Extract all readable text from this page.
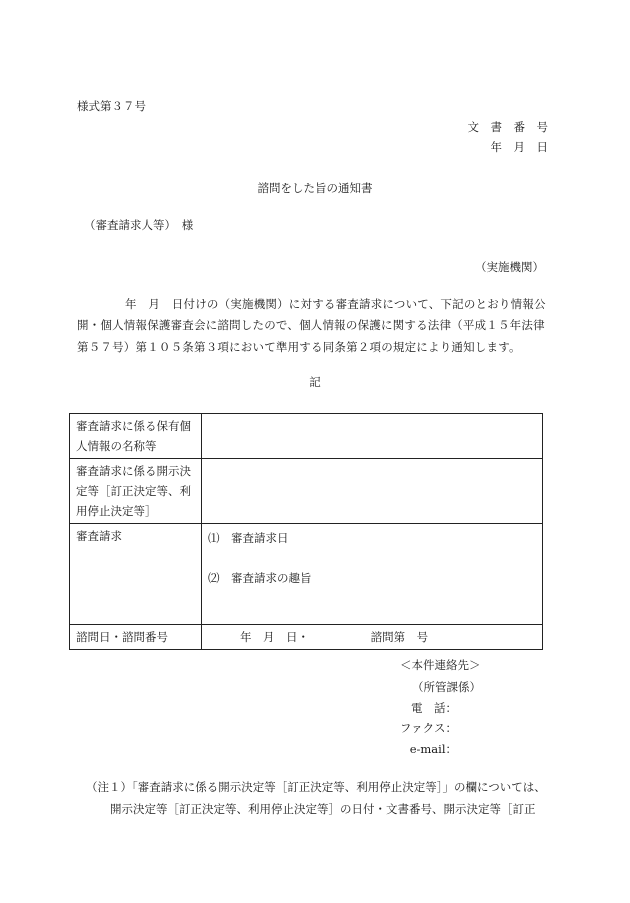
様式第３７号
文　書　番　号
年　月　日
諮問をした旨の通知書
（審査請求人等）　様
（実施機関）
年　月　日付けの（実施機関）に対する審査請求について、下記のとおり情報公
開・個人情報保護審査会に諮問したので、個人情報の保護に関する法律（平成１５年法律
第５７号）第１０５条第３項において準用する同条第２項の規定により通知します。
記
審査請求に係る保有個
人情報の名称等	

審査請求に係る開示決
定等［訂正決定等、利
用停止決定等］	

審査請求	⑴　審査請求日
⑵　審査請求の趣旨

諮問日・諮問番号	年　月　日・ 諮問第　号
＜本件連絡先＞
（所管課係）
電　話：
ファクス：
e-mail：
（注１）「審査請求に係る開示決定等［訂正決定等、利用停止決定等］」の欄については、
開示決定等［訂正決定等、利用停止決定等］の日付・文書番号、開示決定等［訂正
